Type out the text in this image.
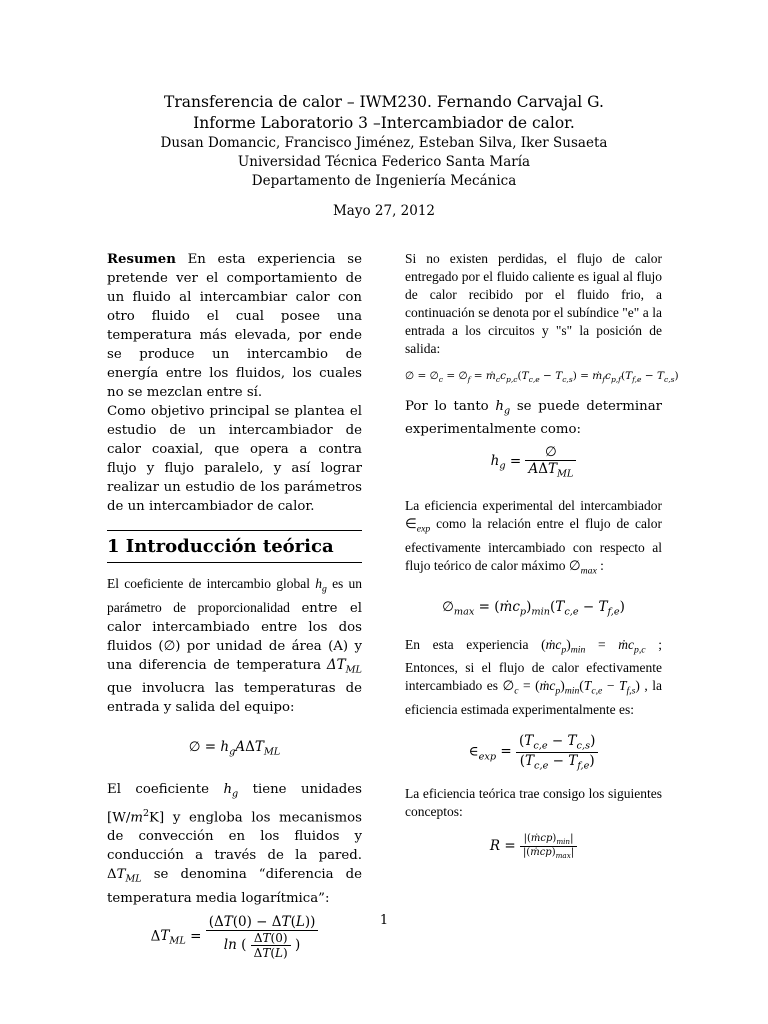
Transferencia de calor – IWM230. Fernando Carvajal G.
Informe Laboratorio 3 –Intercambiador de calor.
Dusan Domancic, Francisco Jiménez, Esteban Silva, Iker Susaeta
Universidad Técnica Federico Santa María
Departamento de Ingeniería Mecánica
Mayo 27, 2012

Resumen En esta experiencia se pretende ver el comportamiento de un fluido al intercambiar calor con otro fluido el cual posee una temperatura más elevada, por ende se produce un intercambio de energía entre los fluidos, los cuales no se mezclan entre sí.

Como objetivo principal se plantea el estudio de un intercambiador de calor coaxial, que opera a contra flujo y flujo paralelo, y así lograr realizar un estudio de los parámetros de un intercambiador de calor.

1 Introducción teórica

El coeficiente de intercambio global $h_g$ es un parámetro de proporcionalidad entre el calor intercambiado entre los dos fluidos (∅) por unidad de área (A) y una diferencia de temperatura $\Delta T_{ML}$ que involucra las temperaturas de entrada y salida del equipo:

∅ = $h_gA\Delta T_{ML}$

El coeficiente $h_g$ tiene unidades $[W/m^2K]$ y engloba los mecanismos de convección en los fluidos y conducción a través de la pared. $\Delta T_{ML}$ se denomina “diferencia de temperatura media logarítmica”:

$\Delta T_{ML} = \frac{(\Delta T(0) - \Delta T(L))}{\ln ( \frac{\Delta T(0)}{\Delta T(L)} )}$

Si no existen perdidas, el flujo de calor entregado por el fluido caliente es igual al flujo de calor recibido por el fluido frio, a continuación se denota por el subíndice "e" a la entrada a los circuitos y "s" la posición de salida:

∅ = $\emptyset_c$ = $\emptyset_f$ = $ṁ_cc_{p,c}(T_{c,e} - T_{c,s})$ = $ṁ_fc_{p,f}(T_{f,e} - T_{c,s})$

Por lo tanto $h_g$ se puede determinar experimentalmente como:

$h_g = \frac{\emptyset}{A\Delta T_{ML}}$

La eficiencia experimental del intercambiador $\in_{exp}$ como la relación entre el flujo de calor efectivamente intercambiado con respecto al flujo teórico de calor máximo $\emptyset_{max}$ :

$\emptyset_{max}$ = $(ṁc_p)_{min}(T_{c,e} - T_{f,e})$

En esta experiencia $(ṁc_p)_{min}$ = ṁc$_{p,c}$ ; Entonces, si el flujo de calor efectivamente intercambiado es $\emptyset_c$ = $(ṁc_p)_{min}(T_{c,e} - T_{f,s})$ , la eficiencia estimada experimentalmente es:

$\in_{exp} = \frac{(T_{c,e} - T_{c,s})}{(T_{c,e} - T_{f,e})}$

La eficiencia teórica trae consigo los siguientes conceptos:

$R = \frac{|(ṁcp)_{min}|}{|(ṁcp)_{max}|}$
1
